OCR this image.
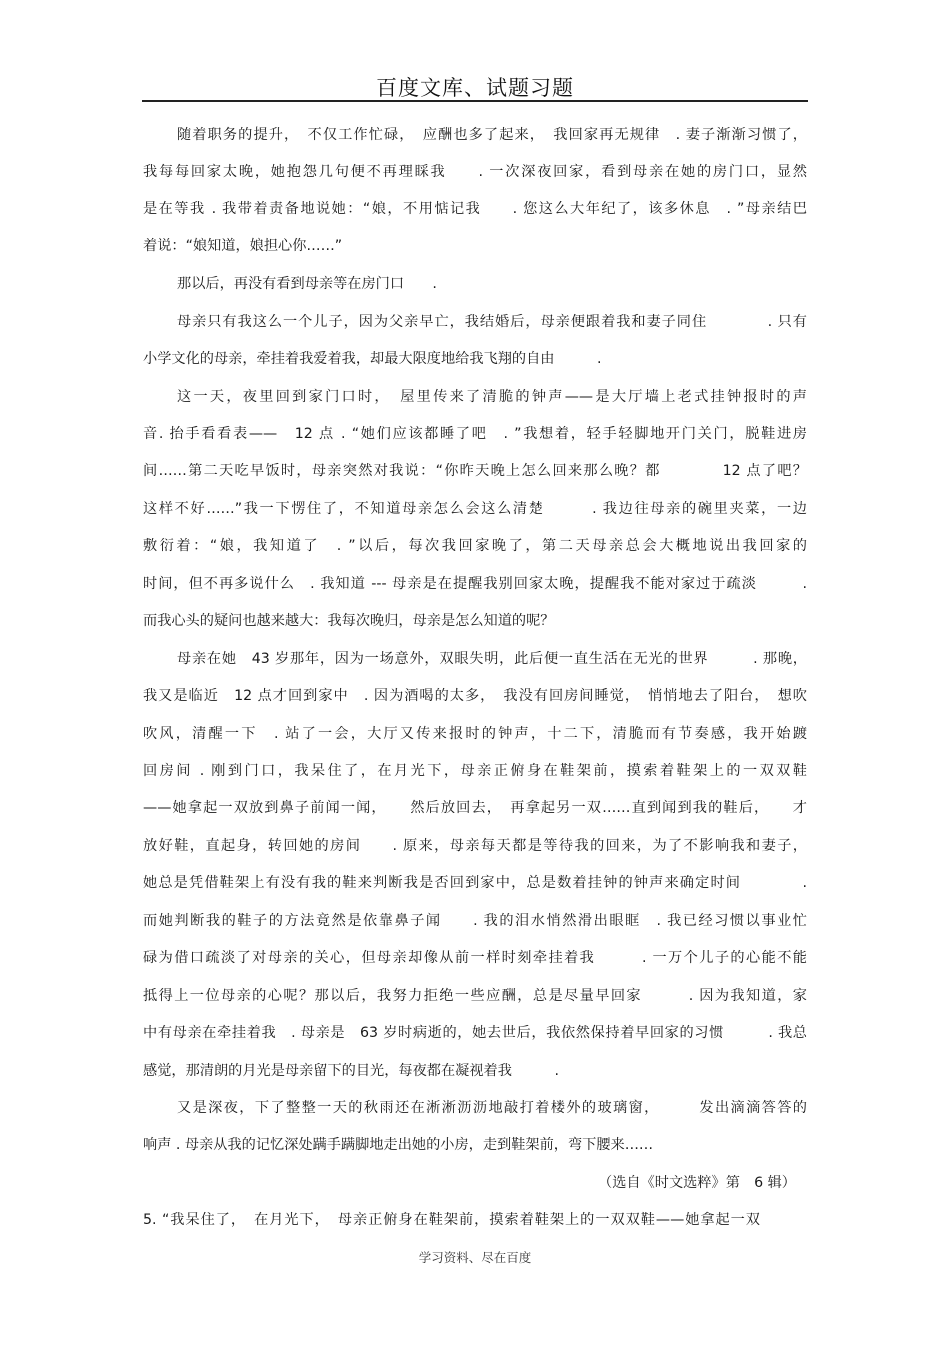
百度文库、试题习题
随着职务的提升，　不仅工作忙碌，　应酬也多了起来，　我回家再无规律　. 妻子渐渐习惯了，
我每每回家太晚，她抱怨几句便不再理睬我　　. 一次深夜回家，看到母亲在她的房门口，显然
是在等我 . 我带着责备地说她：“娘，不用惦记我　　. 您这么大年纪了，该多休息　. ”母亲结巴
着说：“娘知道，娘担心你……”
那以后，再没有看到母亲等在房门口　　.
母亲只有我这么一个儿子，因为父亲早亡，我结婚后，母亲便跟着我和妻子同住　　　　. 只有
小学文化的母亲，牵挂着我爱着我，却最大限度地给我飞翔的自由　　　.
这一天，夜里回到家门口时，　屋里传来了清脆的钟声——是大厅墙上老式挂钟报时的声
音. 抬手看看表——　12 点 . “她们应该都睡了吧　. ”我想着，轻手轻脚地开门关门，脱鞋进房
间……第二天吃早饭时，母亲突然对我说：“你昨天晚上怎么回来那么晚？都　　　　12 点了吧？
这样不好……”我一下愣住了，不知道母亲怎么会这么清楚　　　. 我边往母亲的碗里夹菜，一边
敷衍着：“娘，我知道了　. ”以后，每次我回家晚了，第二天母亲总会大概地说出我回家的
时间，但不再多说什么　. 我知道 --- 母亲是在提醒我别回家太晚，提醒我不能对家过于疏淡　　　.
而我心头的疑问也越来越大：我每次晚归，母亲是怎么知道的呢？
母亲在她　43 岁那年，因为一场意外，双眼失明，此后便一直生活在无光的世界　　　. 那晚，
我又是临近　12 点才回到家中　. 因为酒喝的太多，　我没有回房间睡觉，　悄悄地去了阳台，　想吹
吹风，清醒一下　. 站了一会，大厅又传来报时的钟声，十二下，清脆而有节奏感，我开始踱
回房间 . 刚到门口，我呆住了，在月光下，母亲正俯身在鞋架前，摸索着鞋架上的一双双鞋
——她拿起一双放到鼻子前闻一闻，　　然后放回去，　再拿起另一双……直到闻到我的鞋后，　　才
放好鞋，直起身，转回她的房间　　. 原来，母亲每天都是等待我的回来，为了不影响我和妻子，
她总是凭借鞋架上有没有我的鞋来判断我是否回到家中，总是数着挂钟的钟声来确定时间　　　　.
而她判断我的鞋子的方法竟然是依靠鼻子闻　　. 我的泪水悄然滑出眼眶　. 我已经习惯以事业忙
碌为借口疏淡了对母亲的关心，但母亲却像从前一样时刻牵挂着我　　　. 一万个儿子的心能不能
抵得上一位母亲的心呢？那以后，我努力拒绝一些应酬，总是尽量早回家　　　. 因为我知道，家
中有母亲在牵挂着我　. 母亲是　63 岁时病逝的，她去世后，我依然保持着早回家的习惯　　　. 我总
感觉，那清朗的月光是母亲留下的目光，每夜都在凝视着我　　　.
又是深夜，下了整整一天的秋雨还在淅淅沥沥地敲打着楼外的玻璃窗，　　　发出滴滴答答的
响声 . 母亲从我的记忆深处蹒手蹒脚地走出她的小房，走到鞋架前，弯下腰来……
（选自《时文选粹》第　6 辑）
5. “我呆住了，　在月光下，　母亲正俯身在鞋架前，摸索着鞋架上的一双双鞋——她拿起一双
学习资料、尽在百度
